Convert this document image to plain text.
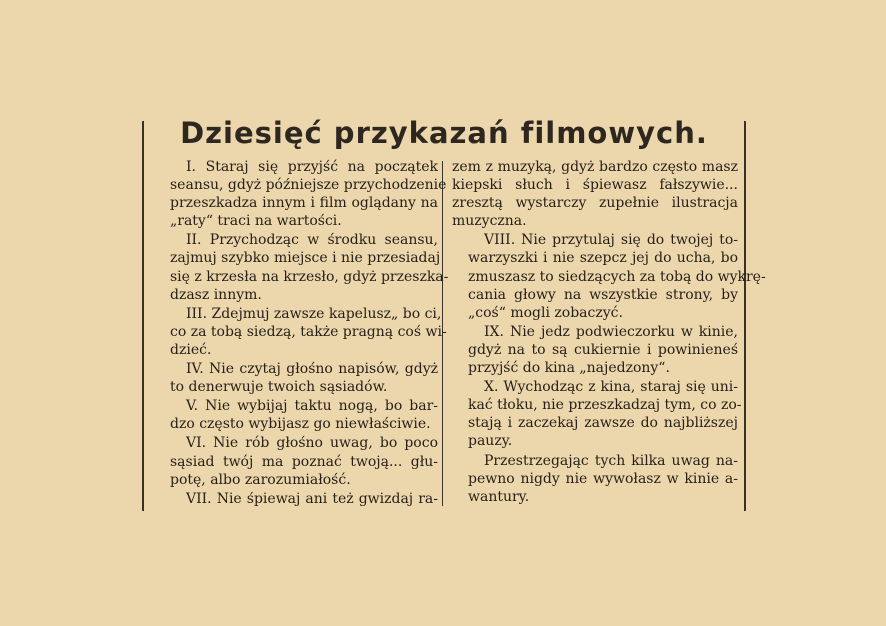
Dziesięć przykazań filmowych.
I. Staraj się przyjść na początek
seansu, gdyż późniejsze przychodzenie
przeszkadza innym i film oglądany na
„raty“ traci na wartości.
II. Przychodząc w środku seansu,
zajmuj szybko miejsce i nie przesiadaj
się z krzesła na krzesło, gdyż przeszka-
dzasz innym.
III. Zdejmuj zawsze kapelusz„ bo ci,
co za tobą siedzą, także pragną coś wi-
dzieć.
IV. Nie czytaj głośno napisów, gdyż
to denerwuje twoich sąsiadów.
V. Nie wybijaj taktu nogą, bo bar-
dzo często wybijasz go niewłaściwie.
VI. Nie rób głośno uwag, bo poco
sąsiad twój ma poznać twoją... głu-
potę, albo zarozumiałość.
VII. Nie śpiewaj ani też gwizdaj ra-
zem z muzyką, gdyż bardzo często masz
kiepski słuch i śpiewasz fałszywie...
zresztą wystarczy zupełnie ilustracja
muzyczna.
VIII. Nie przytulaj się do twojej to-
warzyszki i nie szepcz jej do ucha, bo
zmuszasz to siedzących za tobą do wykrę-
cania głowy na wszystkie strony, by
„coś“ mogli zobaczyć.
IX. Nie jedz podwieczorku w kinie,
gdyż na to są cukiernie i powinieneś
przyjść do kina „najedzony“.
X. Wychodząc z kina, staraj się uni-
kać tłoku, nie przeszkadzaj tym, co zo-
stają i zaczekaj zawsze do najbliższej
pauzy.
Przestrzegając tych kilka uwag na-
pewno nigdy nie wywołasz w kinie a-
wantury.
